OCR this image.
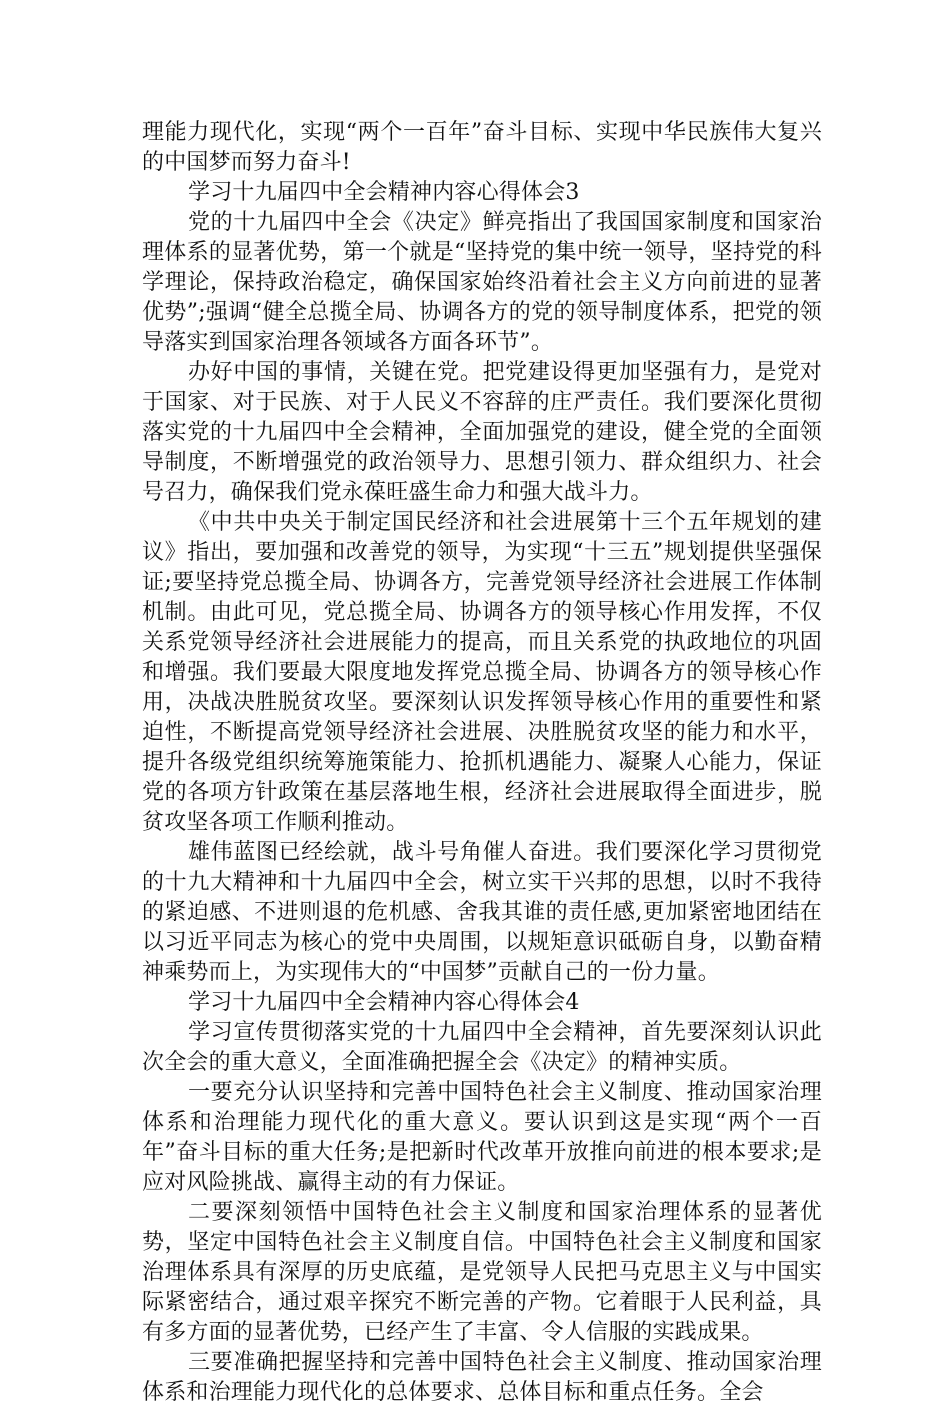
理能力现代化，实现“两个一百年”奋斗目标、实现中华民族伟大复兴的中国梦而努力奋斗!

学习十九届四中全会精神内容心得体会3

党的十九届四中全会《决定》鲜亮指出了我国国家制度和国家治理体系的显著优势，第一个就是“坚持党的集中统一领导，坚持党的科学理论，保持政治稳定，确保国家始终沿着社会主义方向前进的显著优势”;强调“健全总揽全局、协调各方的党的领导制度体系，把党的领导落实到国家治理各领域各方面各环节”。

办好中国的事情，关键在党。把党建设得更加坚强有力，是党对于国家、对于民族、对于人民义不容辞的庄严责任。我们要深化贯彻落实党的十九届四中全会精神，全面加强党的建设，健全党的全面领导制度，不断增强党的政治领导力、思想引领力、群众组织力、社会号召力，确保我们党永葆旺盛生命力和强大战斗力。

《中共中央关于制定国民经济和社会进展第十三个五年规划的建议》指出，要加强和改善党的领导，为实现“十三五”规划提供坚强保证;要坚持党总揽全局、协调各方，完善党领导经济社会进展工作体制机制。由此可见，党总揽全局、协调各方的领导核心作用发挥，不仅关系党领导经济社会进展能力的提高，而且关系党的执政地位的巩固和增强。我们要最大限度地发挥党总揽全局、协调各方的领导核心作用，决战决胜脱贫攻坚。要深刻认识发挥领导核心作用的重要性和紧迫性，不断提高党领导经济社会进展、决胜脱贫攻坚的能力和水平，提升各级党组织统筹施策能力、抢抓机遇能力、凝聚人心能力，保证党的各项方针政策在基层落地生根，经济社会进展取得全面进步，脱贫攻坚各项工作顺利推动。

雄伟蓝图已经绘就，战斗号角催人奋进。我们要深化学习贯彻党的十九大精神和十九届四中全会，树立实干兴邦的思想，以时不我待的紧迫感、不进则退的危机感、舍我其谁的责任感,更加紧密地团结在以习近平同志为核心的党中央周围，以规矩意识砥砺自身，以勤奋精神乘势而上，为实现伟大的“中国梦”贡献自己的一份力量。

学习十九届四中全会精神内容心得体会4

学习宣传贯彻落实党的十九届四中全会精神，首先要深刻认识此次全会的重大意义，全面准确把握全会《决定》的精神实质。

一要充分认识坚持和完善中国特色社会主义制度、推动国家治理体系和治理能力现代化的重大意义。要认识到这是实现“两个一百年”奋斗目标的重大任务;是把新时代改革开放推向前进的根本要求;是应对风险挑战、赢得主动的有力保证。

二要深刻领悟中国特色社会主义制度和国家治理体系的显著优势，坚定中国特色社会主义制度自信。中国特色社会主义制度和国家治理体系具有深厚的历史底蕴，是党领导人民把马克思主义与中国实际紧密结合，通过艰辛探究不断完善的产物。它着眼于人民利益，具有多方面的显著优势，已经产生了丰富、令人信服的实践成果。

三要准确把握坚持和完善中国特色社会主义制度、推动国家治理体系和治理能力现代化的总体要求、总体目标和重点任务。全会
